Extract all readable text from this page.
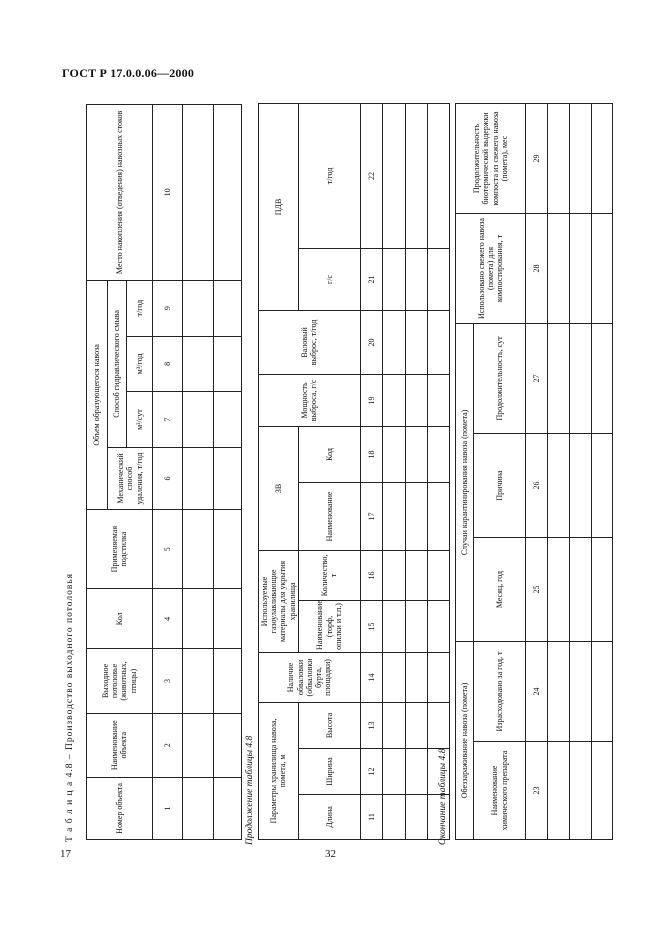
ГОСТ Р 17.0.0.06—2000
17	32
Т а б л и ц а 4.8 – Производство выходного потоловья	Продолжение таблицы 4.8	Окончание таблицы 4.8
Номер объекта	Наименование объекта	Выходное потоловье (животных, птицы)	Кол	Применяемая подстилка	Объем образующегося навоза				Место накопления (отведения) навозных стоков
					Механический способ удаления, т/год	Способ гидравлического смыва			
						м³/сут	м³/год	т/год	
1	2	3	4	5	6	7	8	9	10

Параметры хранилища навоза, помета, м			Наличие обваловки (обваловки бурта, площадки)	Используемые газоулавливающие материалы для укрытия хранилища		ЗВ		Мощность выброса, г/с	Валовый выброс, т/год	ПДВ	
Длина	Ширина	Высота		Наименование (торф, опилки и т.п.)	Количество, т	Наименование	Код			г/с	т/год
11	12	13	14	15	16	17	18	19	20	21	22

Обеззараживание навоза (помета)		Случаи карантинирования навоза (помета)			Использовано свежего навоза (помета) для компостирования, т	Продолжительность биотермической выдержки компоста из свежего навоза (помета), мес
Наименование химического препарата	Израсходовано за год, т	Месяц, год	Причина	Продолжительность, сут		
23	24	25	26	27	28	29
